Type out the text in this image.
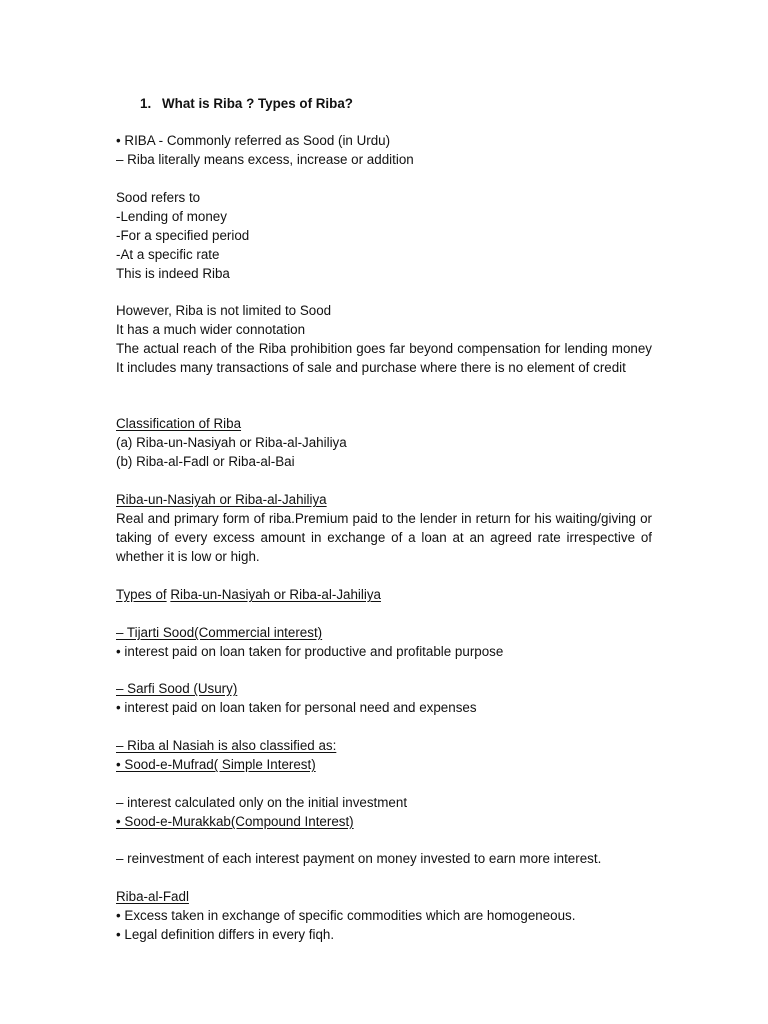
1. What is Riba ? Types of Riba?
• RIBA - Commonly referred as Sood (in Urdu)
– Riba literally means excess, increase or addition
Sood refers to
-Lending of money
-For a specified period
-At a specific rate
This is indeed Riba
However, Riba is not limited to Sood
It has a much wider connotation
The actual reach of the Riba prohibition goes far beyond compensation for lending money It includes many transactions of sale and purchase where there is no element of credit
Classification of Riba
(a) Riba-un-Nasiyah or Riba-al-Jahiliya
(b) Riba-al-Fadl or Riba-al-Bai
Riba-un-Nasiyah or Riba-al-Jahiliya
Real and primary form of riba.Premium paid to the lender in return for his waiting/giving or taking of every excess amount in exchange of a loan at an agreed rate irrespective of whether it is low or high.
Types of Riba-un-Nasiyah or Riba-al-Jahiliya
– Tijarti Sood(Commercial interest)
• interest paid on loan taken for productive and profitable purpose
– Sarfi Sood (Usury)
• interest paid on loan taken for personal need and expenses
– Riba al Nasiah is also classified as:
• Sood-e-Mufrad( Simple Interest)
– interest calculated only on the initial investment
• Sood-e-Murakkab(Compound Interest)
– reinvestment of each interest payment on money invested to earn more interest.
Riba-al-Fadl
• Excess taken in exchange of specific commodities which are homogeneous.
• Legal definition differs in every fiqh.
